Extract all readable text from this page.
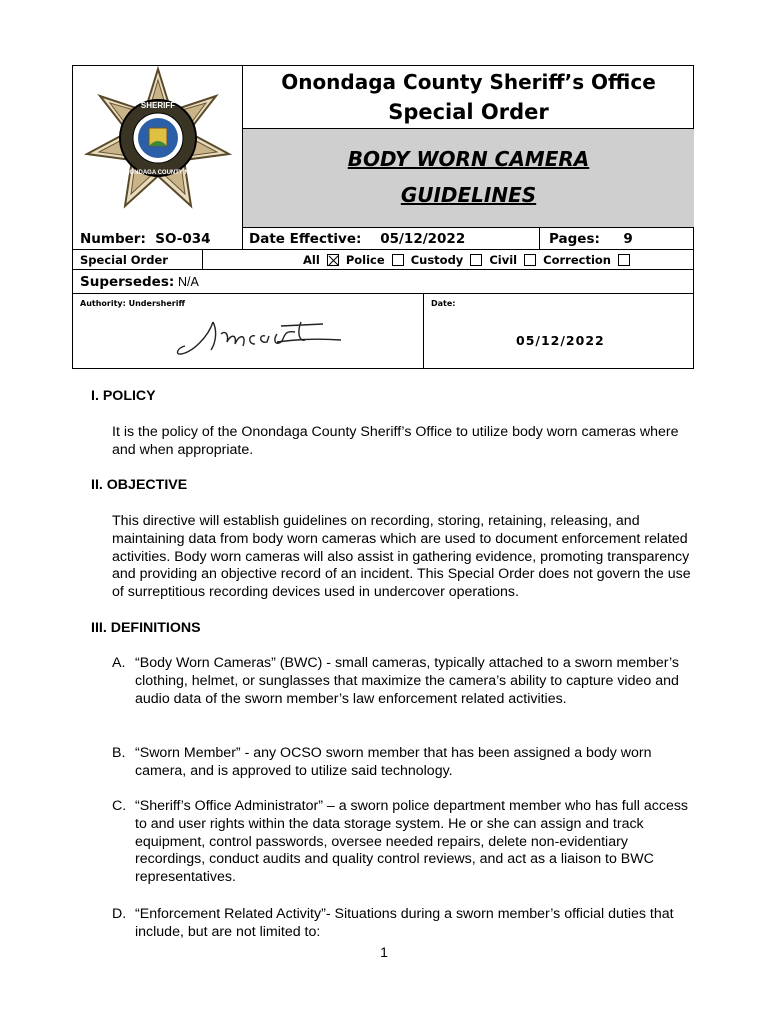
SHERIFF
ONONDAGA COUNTY N.Y.
Onondaga County Sheriff’s Office
Special Order
BODY WORN CAMERA
GUIDELINES
Number: SO-034	Date Effective: 05/12/2022	Pages: 9
Special Order	All Police Custody Civil Correction
Supersedes: N/A
Authority: Undersheriff
JmCarl
Date:
05/12/2022
I. POLICY
It is the policy of the Onondaga County Sheriff’s Office to utilize body worn cameras where and when appropriate.
II. OBJECTIVE
This directive will establish guidelines on recording, storing, retaining, releasing, and maintaining data from body worn cameras which are used to document enforcement related activities. Body worn cameras will also assist in gathering evidence, promoting transparency and providing an objective record of an incident. This Special Order does not govern the use of surreptitious recording devices used in undercover operations.
III. DEFINITIONS
A. “Body Worn Cameras” (BWC) - small cameras, typically attached to a sworn member’s clothing, helmet, or sunglasses that maximize the camera’s ability to capture video and audio data of the sworn member’s law enforcement related activities.
B. “Sworn Member” - any OCSO sworn member that has been assigned a body worn camera, and is approved to utilize said technology.
C. “Sheriff’s Office Administrator” – a sworn police department member who has full access to and user rights within the data storage system. He or she can assign and track equipment, control passwords, oversee needed repairs, delete non-evidentiary recordings, conduct audits and quality control reviews, and act as a liaison to BWC representatives.
D. “Enforcement Related Activity”- Situations during a sworn member’s official duties that include, but are not limited to:
1
